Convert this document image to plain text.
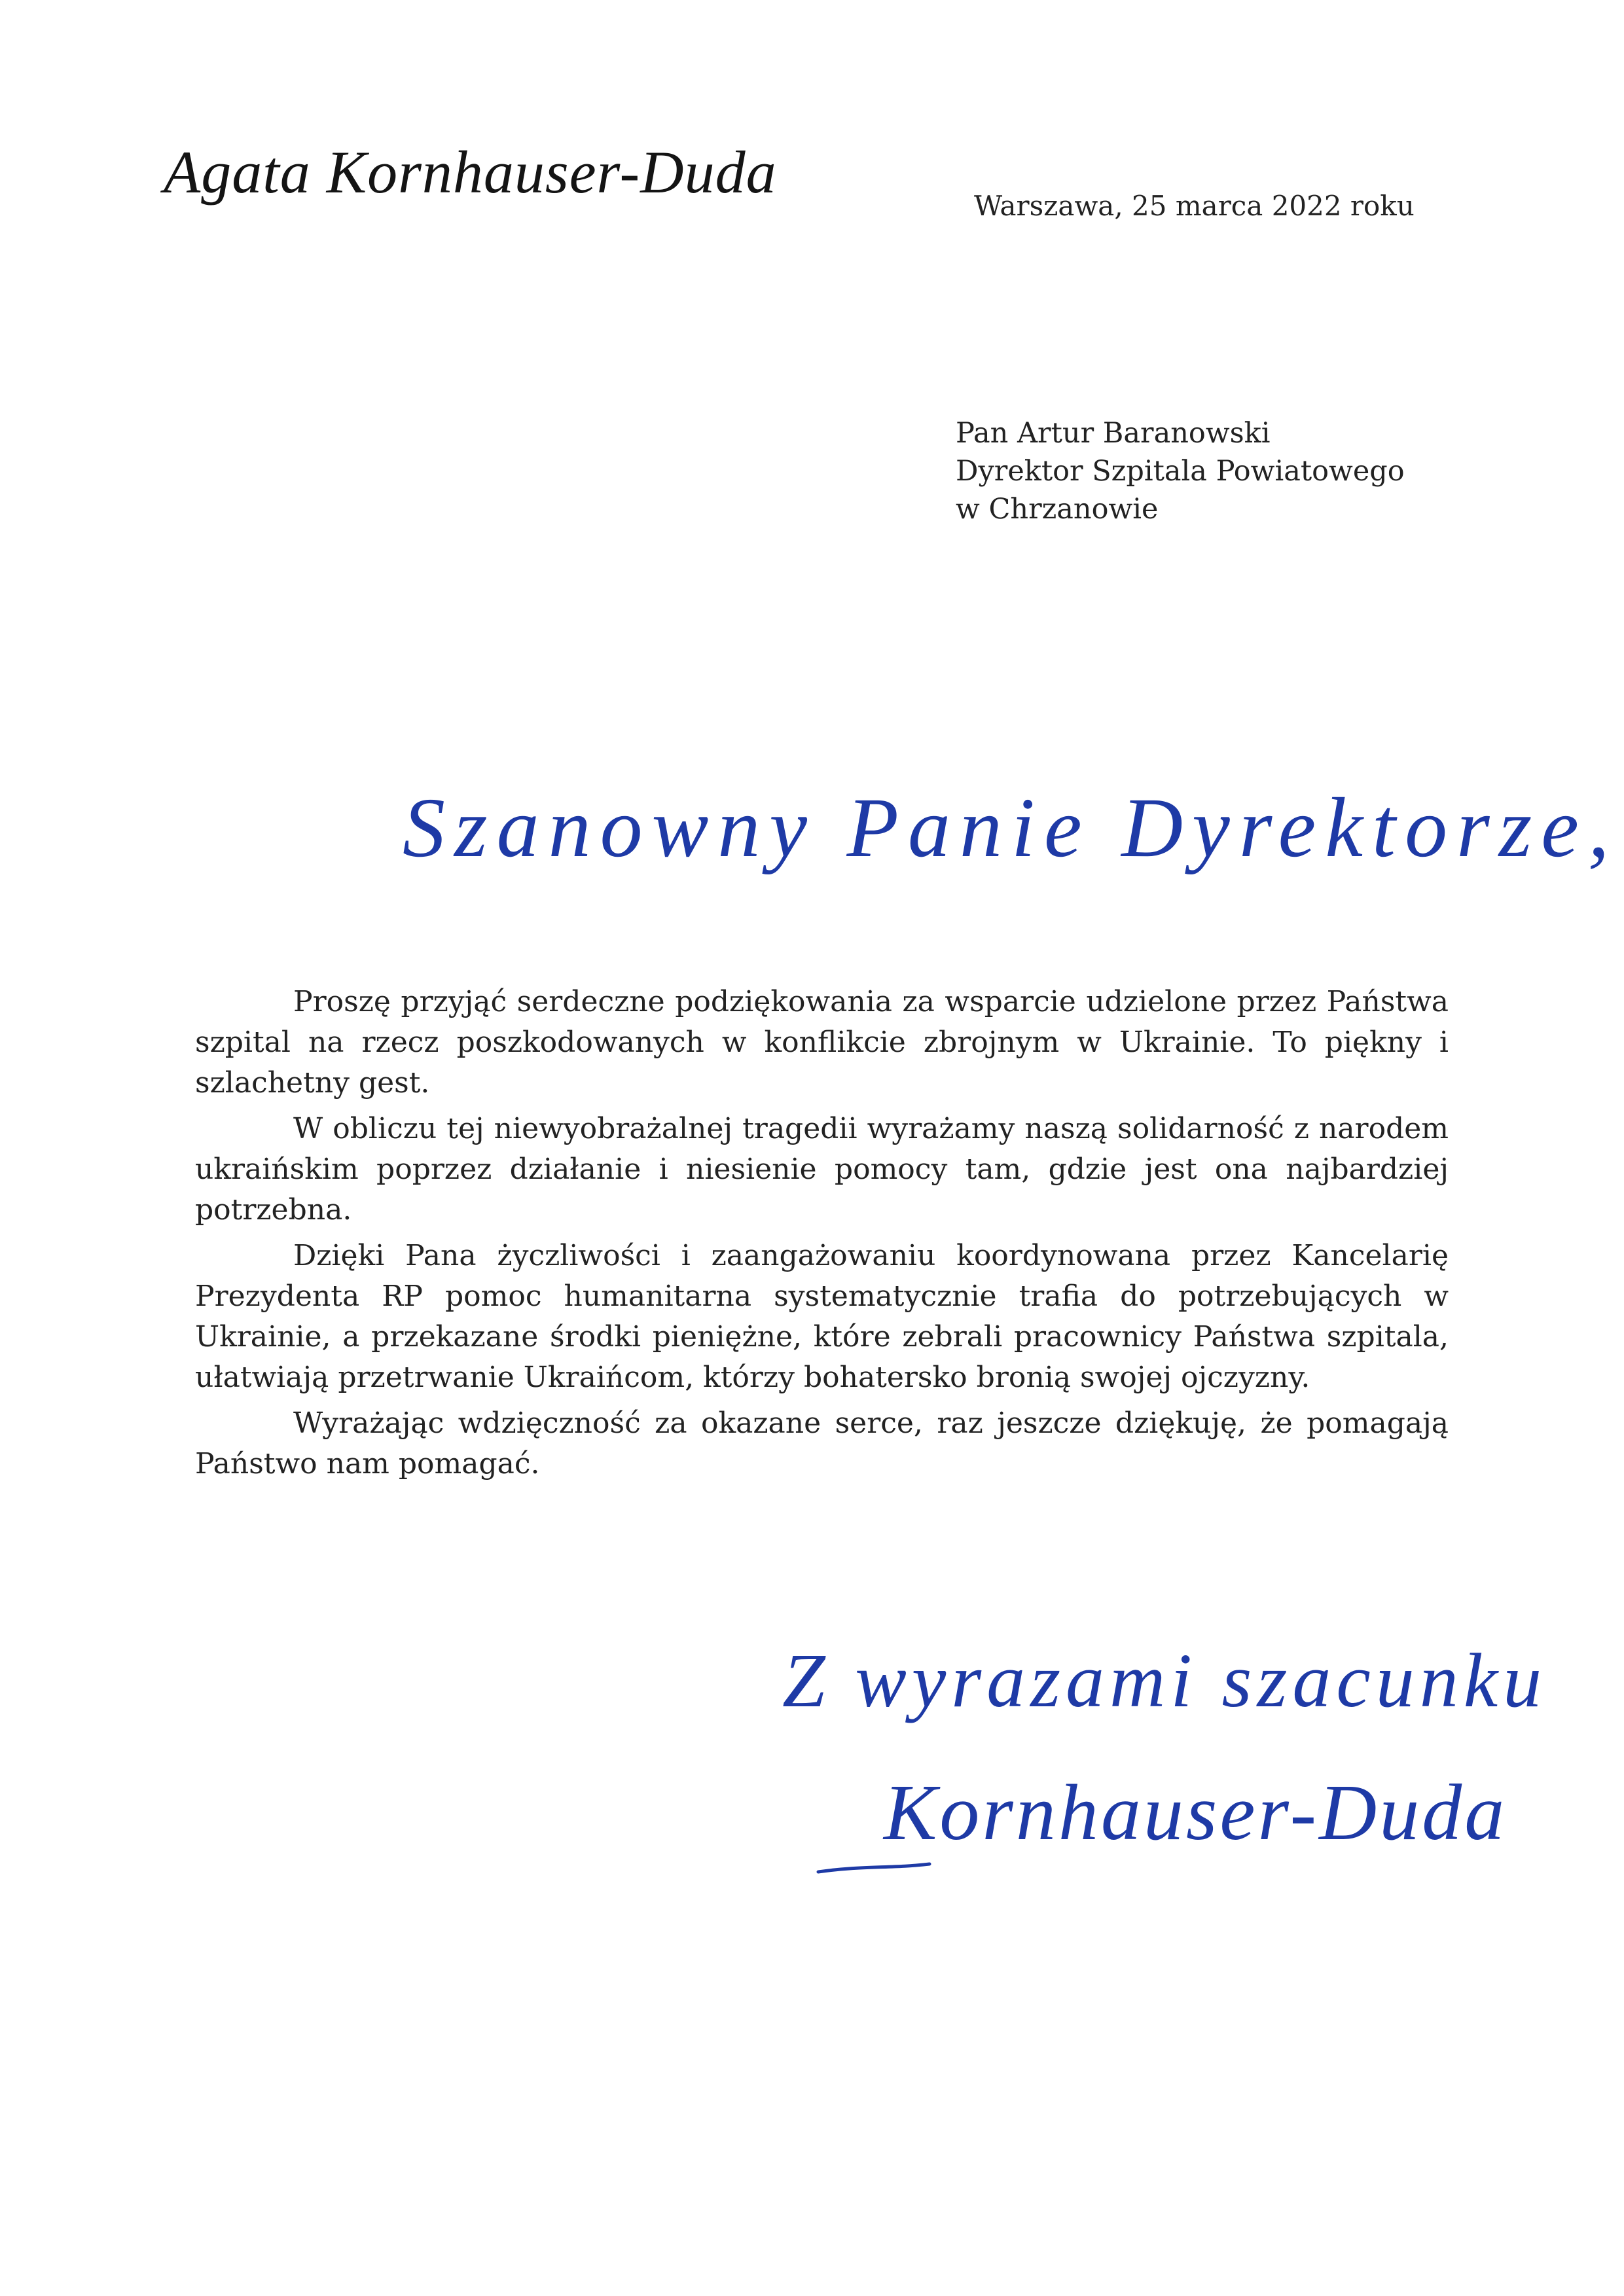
Agata Kornhauser-Duda
Warszawa, 25 marca 2022 roku
Pan Artur Baranowski
Dyrektor Szpitala Powiatowego
w Chrzanowie
Szanowny Panie Dyrektorze,

Proszę przyjąć serdeczne podziękowania za wsparcie udzielone przez Państwa szpital na rzecz poszkodowanych w konflikcie zbrojnym w Ukrainie. To piękny i szlachetny gest.

W obliczu tej niewyobrażalnej tragedii wyrażamy naszą solidarność z narodem ukraińskim poprzez działanie i niesienie pomocy tam, gdzie jest ona najbardziej potrzebna.

Dzięki Pana życzliwości i zaangażowaniu koordynowana przez Kancelarię Prezydenta RP pomoc humanitarna systematycznie trafia do potrzebujących w Ukrainie, a przekazane środki pieniężne, które zebrali pracownicy Państwa szpitala, ułatwiają przetrwanie Ukraińcom, którzy bohatersko bronią swojej ojczyzny.

Wyrażając wdzięczność za okazane serce, raz jeszcze dziękuję, że pomagają Państwo nam pomagać.

Z wyrazami szacunku
Kornhauser-Duda
